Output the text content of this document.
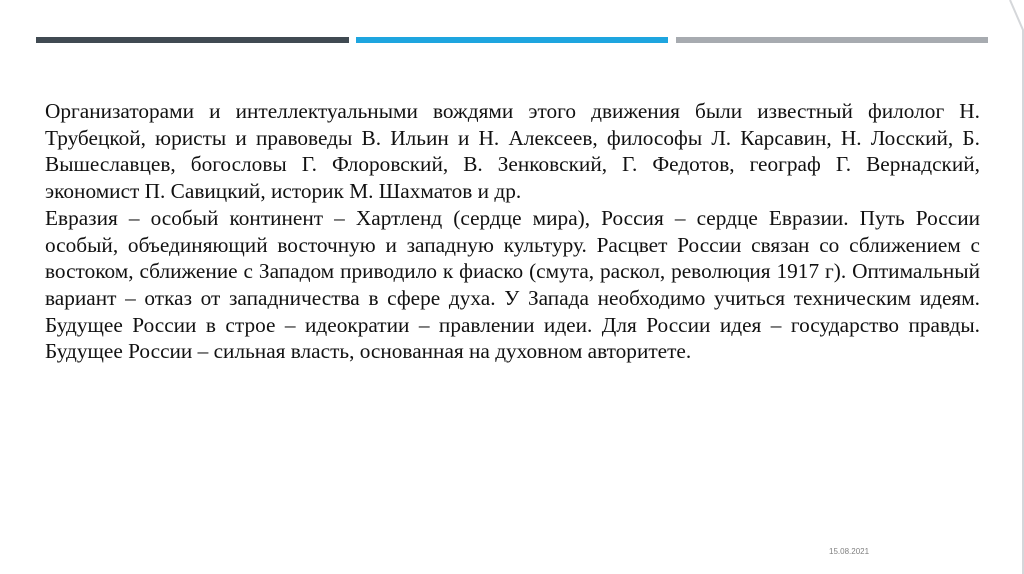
Организаторами и интеллектуальными вождями этого движения были известный филолог Н. Трубецкой, юристы и правоведы В. Ильин и Н. Алексеев, философы Л. Карсавин, Н. Лосский, Б. Вышеславцев, богословы Г. Флоровский, В. Зенковский, Г. Федотов, географ Г. Вернадский, экономист П. Савицкий, историк М. Шахматов и др.

Евразия – особый континент – Хартленд (сердце мира), Россия – сердце Евразии. Путь России особый, объединяющий восточную и западную культуру. Расцвет России связан со сближением с востоком, сближение с Западом приводило к фиаско (смута, раскол, революция 1917 г). Оптимальный вариант – отказ от западничества в сфере духа. У Запада необходимо учиться техническим идеям. Будущее России в строе – идеократии – правлении идеи. Для России идея – государство правды. Будущее России – сильная власть, основанная на духовном авторитете.

15.08.2021
